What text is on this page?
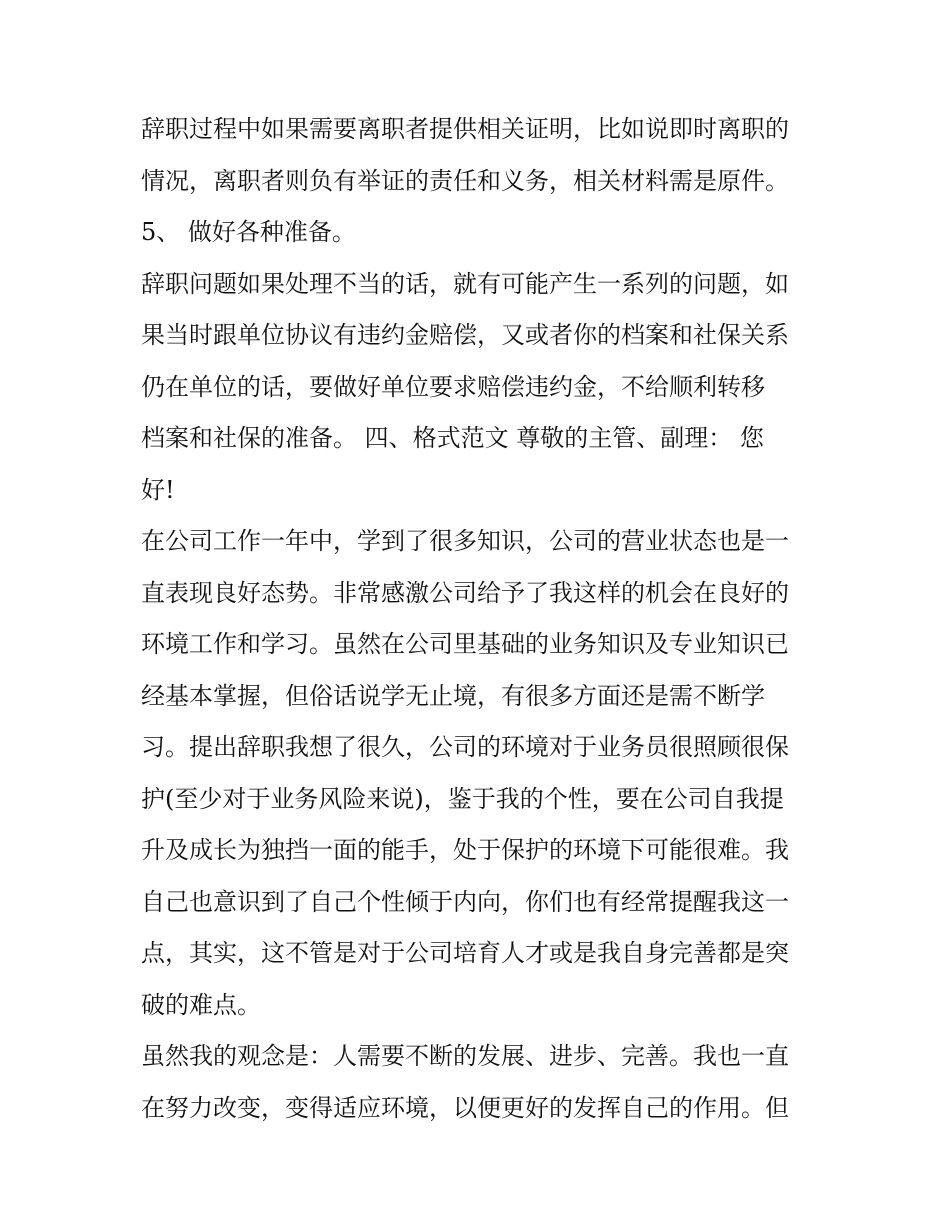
辞职过程中如果需要离职者提供相关证明，比如说即时离职的
情况，离职者则负有举证的责任和义务，相关材料需是原件。
5、 做好各种准备。
辞职问题如果处理不当的话，就有可能产生一系列的问题，如
果当时跟单位协议有违约金赔偿，又或者你的档案和社保关系
仍在单位的话，要做好单位要求赔偿违约金，不给顺利转移
档案和社保的准备。 四、格式范文 尊敬的主管、副理： 您
好!
在公司工作一年中，学到了很多知识，公司的营业状态也是一
直表现良好态势。非常感激公司给予了我这样的机会在良好的
环境工作和学习。虽然在公司里基础的业务知识及专业知识已
经基本掌握，但俗话说学无止境，有很多方面还是需不断学
习。提出辞职我想了很久，公司的环境对于业务员很照顾很保
护(至少对于业务风险来说)，鉴于我的个性，要在公司自我提
升及成长为独挡一面的能手，处于保护的环境下可能很难。我
自己也意识到了自己个性倾于内向，你们也有经常提醒我这一
点，其实，这不管是对于公司培育人才或是我自身完善都是突
破的难点。
虽然我的观念是：人需要不断的发展、进步、完善。我也一直
在努力改变，变得适应环境，以便更好的发挥自己的作用。但
